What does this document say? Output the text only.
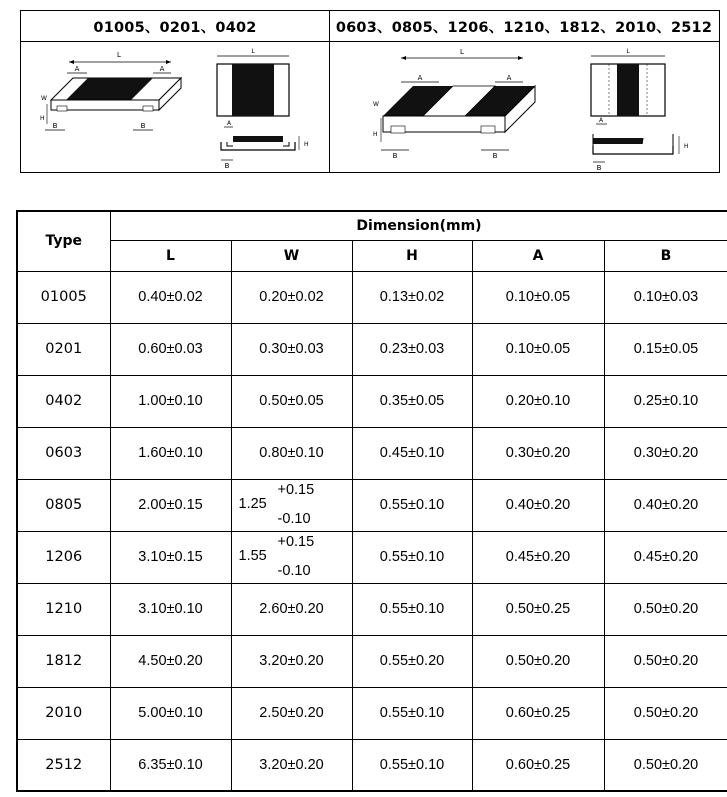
01005、0201、0402
L
A	A
W
H
B	B
L
A
H
B
0603、0805、1206、1210、1812、2010、2512
L
A	A
W
H
B	B
L
A
H
B
Type	Dimension(mm)				
	L	W	H	A	B
01005	0.40±0.02	0.20±0.02	0.13±0.02	0.10±0.05	0.10±0.03
0201	0.60±0.03	0.30±0.03	0.23±0.03	0.10±0.05	0.15±0.05
0402	1.00±0.10	0.50±0.05	0.35±0.05	0.20±0.10	0.25±0.10
0603	1.60±0.10	0.80±0.10	0.45±0.10	0.30±0.20	0.30±0.20
0805	2.00±0.15	1.25
+0.15
-0.10	0.55±0.10	0.40±0.20	0.40±0.20
1206	3.10±0.15	1.55
+0.15
-0.10	0.55±0.10	0.45±0.20	0.45±0.20
1210	3.10±0.10	2.60±0.20	0.55±0.10	0.50±0.25	0.50±0.20
1812	4.50±0.20	3.20±0.20	0.55±0.20	0.50±0.20	0.50±0.20
2010	5.00±0.10	2.50±0.20	0.55±0.10	0.60±0.25	0.50±0.20
2512	6.35±0.10	3.20±0.20	0.55±0.10	0.60±0.25	0.50±0.20
